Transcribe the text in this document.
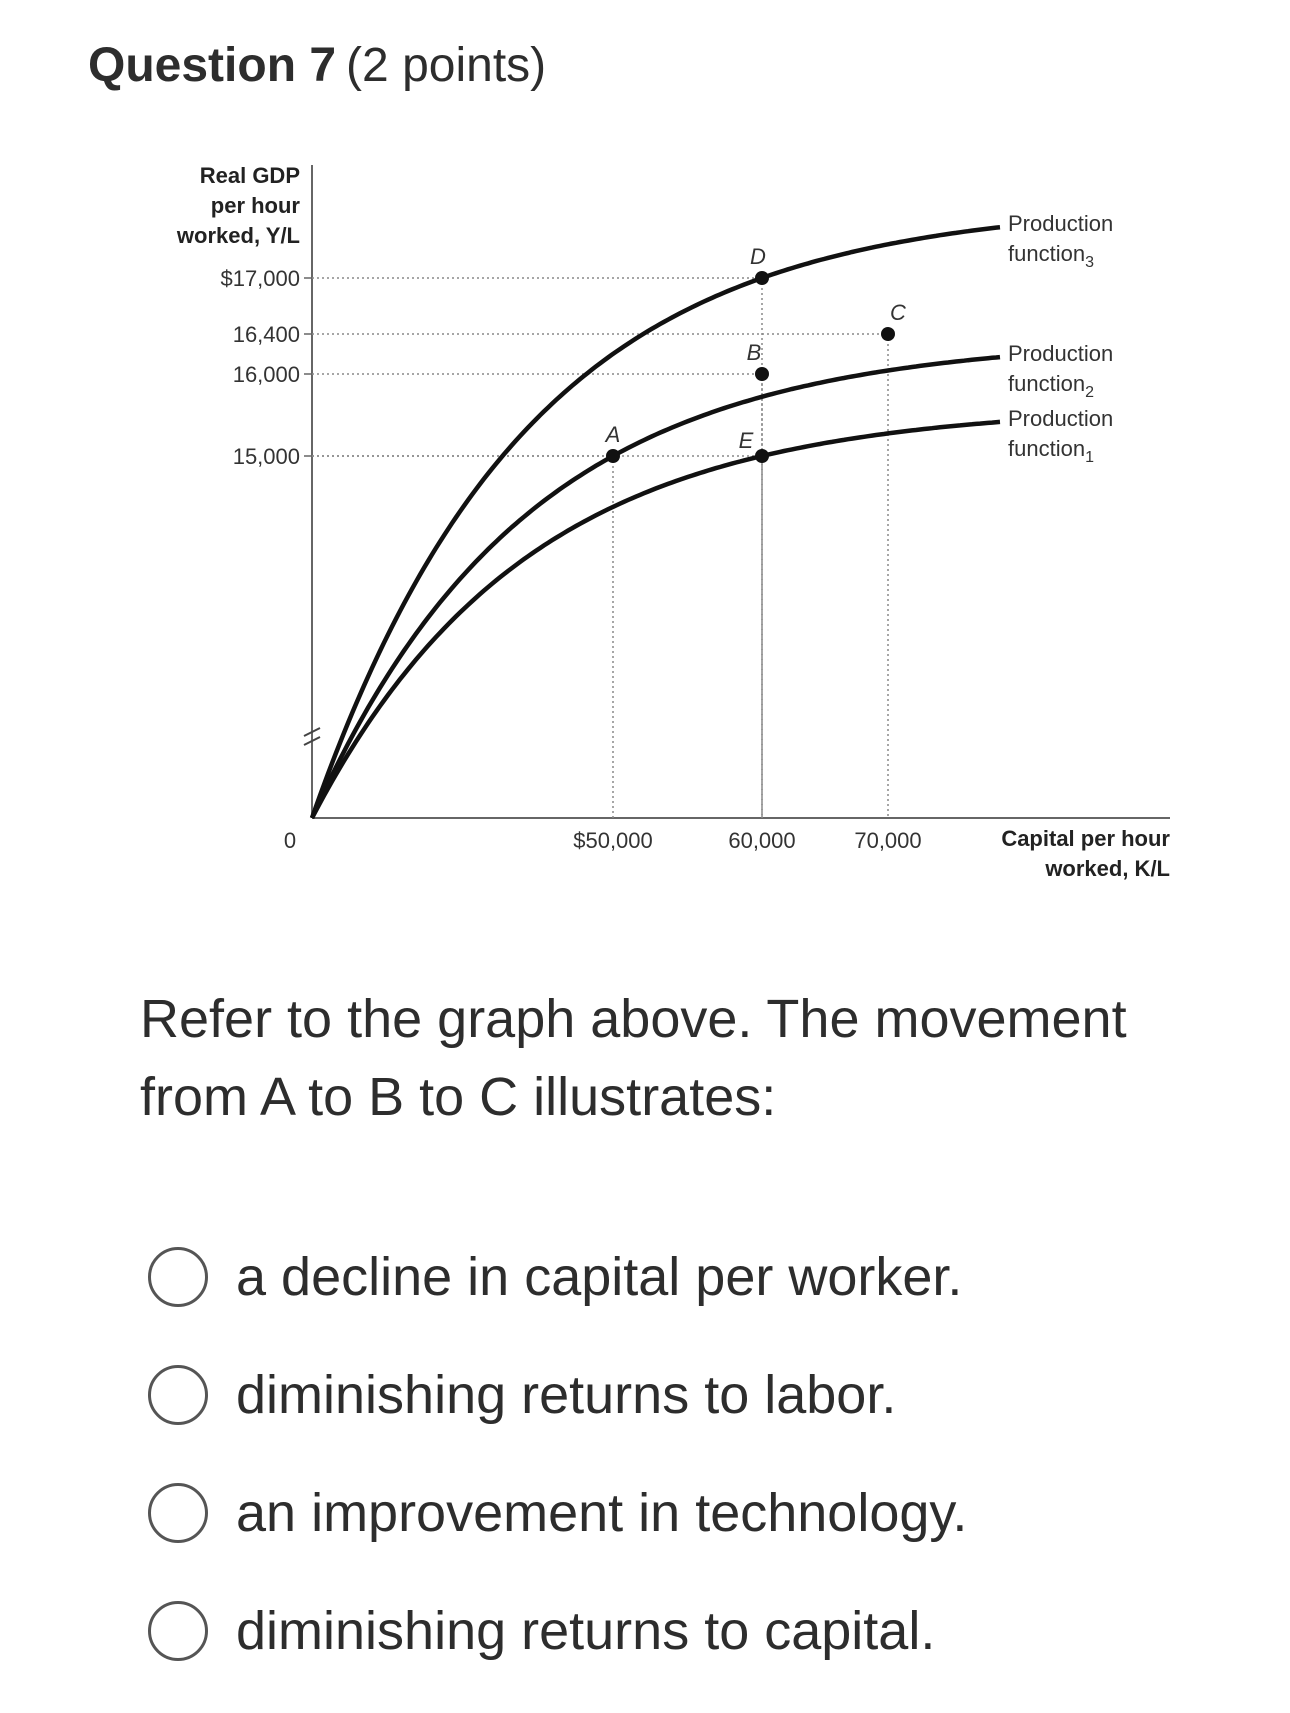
Question 7 (2 points)
Real GDP
per hour
worked, Y/L
$17,000
16,400
16,000
15,000
$50,000	60,000	70,000
A
B
C
D
E
Production
function$_1$
Production
function$_2$
Production
function$_3$
0	Capital per hour
worked, K/L
Refer to the graph above. The movement from A to B to C illustrates:
a decline in capital per worker.
diminishing returns to labor.
an improvement in technology.
diminishing returns to capital.
